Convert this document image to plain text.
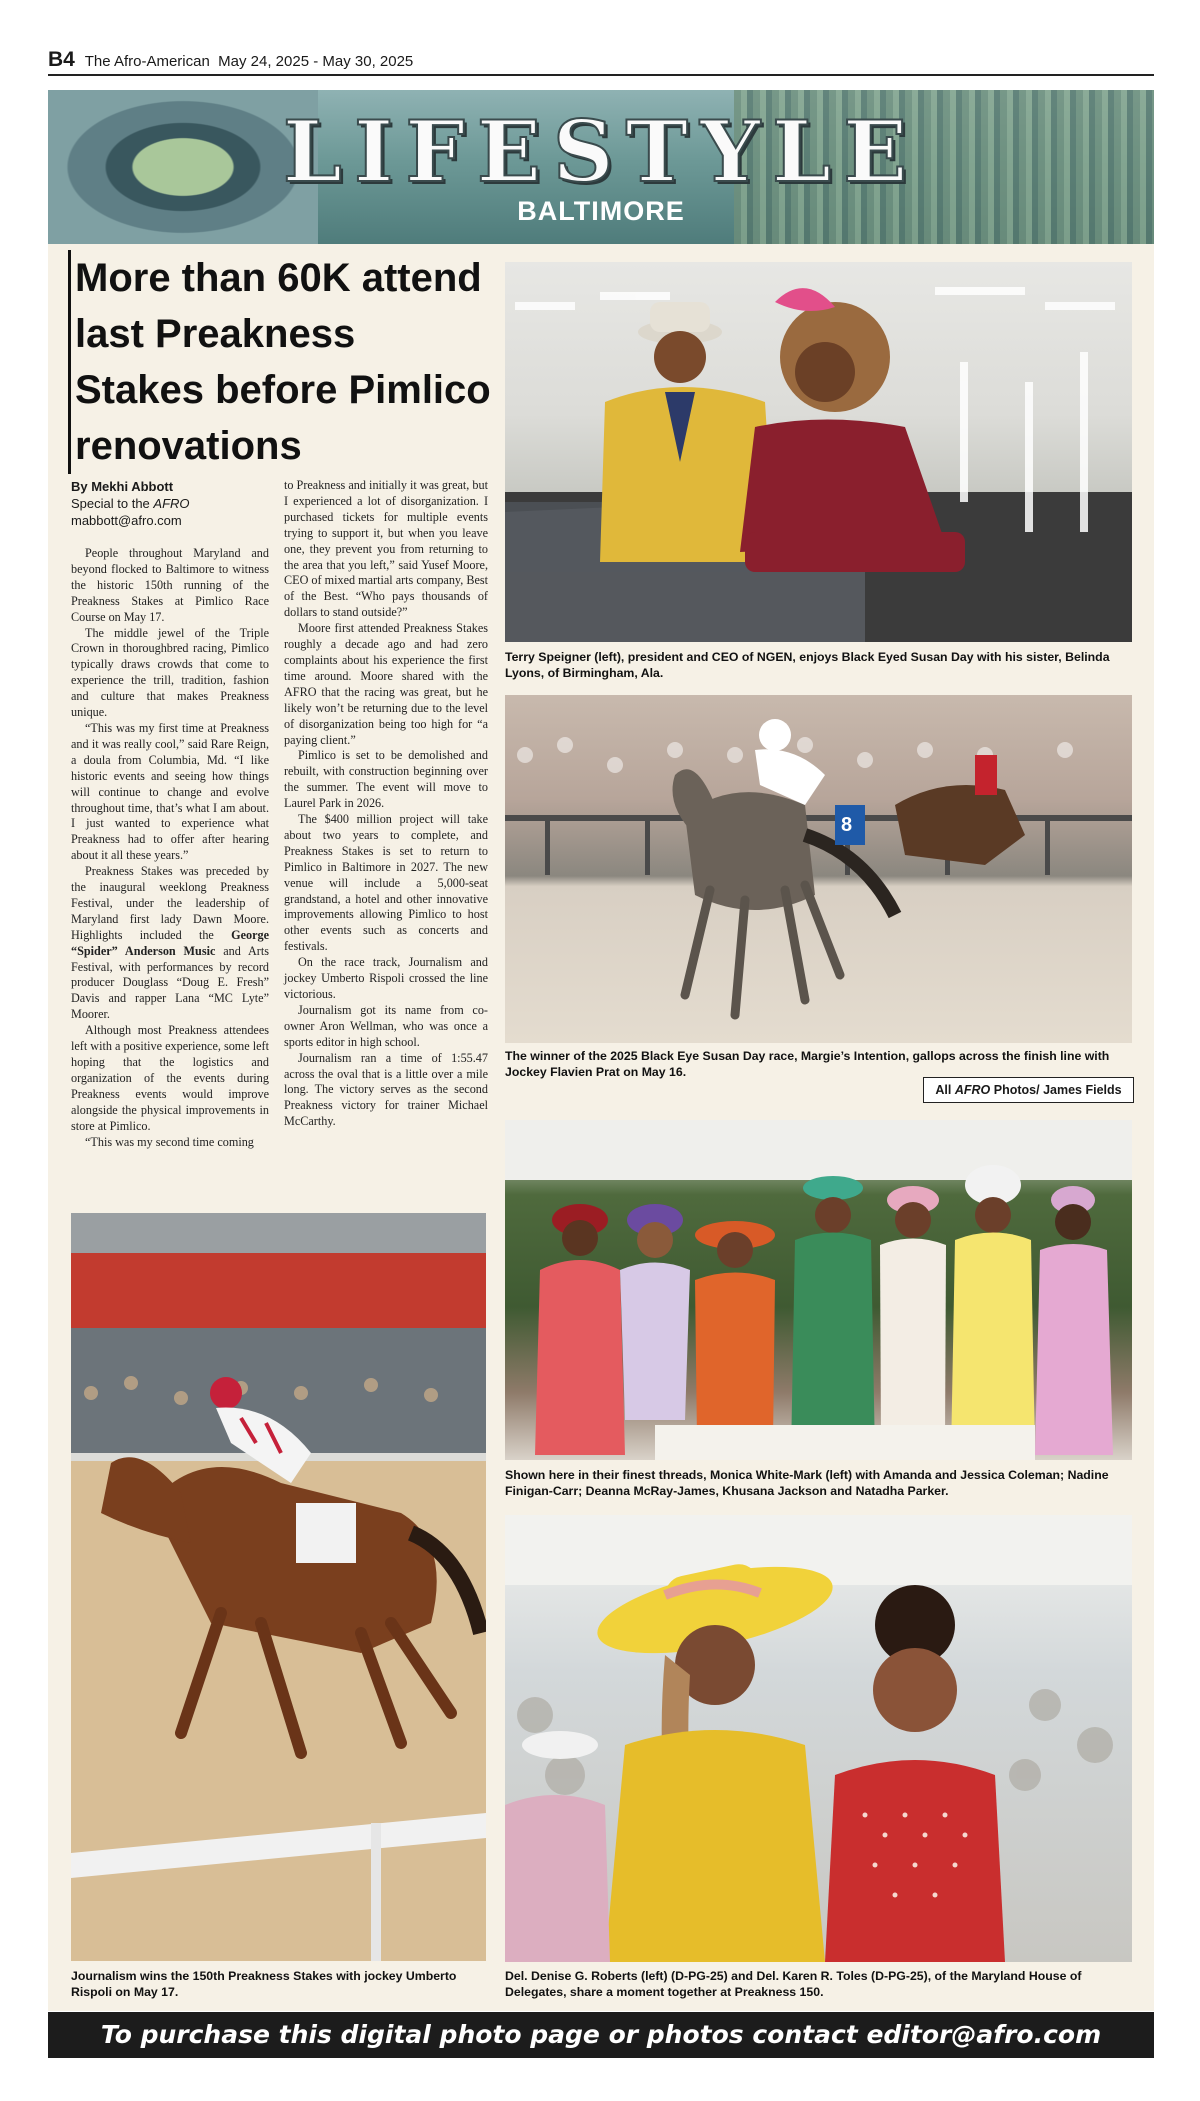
B4 The Afro-American May 24, 2025 - May 30, 2025
LIFESTYLE
BALTIMORE
More than 60K attend last Preakness Stakes before Pimlico renovations
By Mekhi Abbott
Special to the AFRO
mabbott@afro.com

People throughout Maryland and beyond flocked to Baltimore to witness the historic 150th running of the Preakness Stakes at Pimlico Race Course on May 17.

The middle jewel of the Triple Crown in thoroughbred racing, Pimlico typically draws crowds that come to experience the trill, tradition, fashion and culture that makes Preakness unique.

“This was my first time at Preakness and it was really cool,” said Rare Reign, a doula from Columbia, Md. “I like historic events and seeing how things will continue to change and evolve throughout time, that’s what I am about. I just wanted to experience what Preakness had to offer after hearing about it all these years.”

Preakness Stakes was preceded by the inaugural weeklong Preakness Festival, under the leadership of Maryland first lady Dawn Moore. Highlights included the George “Spider” Anderson Music and Arts Festival, with performances by record producer Douglass “Doug E. Fresh” Davis and rapper Lana “MC Lyte” Moorer.

Although most Preakness attendees left with a positive experience, some left hoping that the logistics and organization of the events during Preakness events would improve alongside the physical improvements in store at Pimlico.

“This was my second time coming

to Preakness and initially it was great, but I experienced a lot of disorganization. I purchased tickets for multiple events trying to support it, but when you leave one, they prevent you from returning to the area that you left,” said Yusef Moore, CEO of mixed martial arts company, Best of the Best. “Who pays thousands of dollars to stand outside?”

Moore first attended Preakness Stakes roughly a decade ago and had zero complaints about his experience the first time around. Moore shared with the AFRO that the racing was great, but he likely won’t be returning due to the level of disorganization being too high for “a paying client.”

Pimlico is set to be demolished and rebuilt, with construction beginning over the summer. The event will move to Laurel Park in 2026.

The $400 million project will take about two years to complete, and Preakness Stakes is set to return to Pimlico in Baltimore in 2027. The new venue will include a 5,000-seat grandstand, a hotel and other innovative improvements allowing Pimlico to host other events such as concerts and festivals.

On the race track, Journalism and jockey Umberto Rispoli crossed the line victorious.

Journalism got its name from co-owner Aron Wellman, who was once a sports editor in high school.

Journalism ran a time of 1:55.47 across the oval that is a little over a mile long. The victory serves as the second Preakness victory for trainer Michael McCarthy.

Terry Speigner (left), president and CEO of NGEN, enjoys Black Eyed Susan Day with his sister, Belinda Lyons, of Birmingham, Ala.
8
The winner of the 2025 Black Eye Susan Day race, Margie’s Intention, gallops across the finish line with Jockey Flavien Prat on May 16.
All AFRO Photos/ James Fields
Shown here in their finest threads, Monica White-Mark (left) with Amanda and Jessica Coleman; Nadine Finigan-Carr; Deanna McRay-James, Khusana Jackson and Natadha Parker.
Del. Denise G. Roberts (left) (D-PG-25) and Del. Karen R. Toles (D-PG-25), of the Maryland House of Delegates, share a moment together at Preakness 150.
Journalism wins the 150th Preakness Stakes with jockey Umberto Rispoli on May 17.
To purchase this digital photo page or photos contact editor@afro.com
